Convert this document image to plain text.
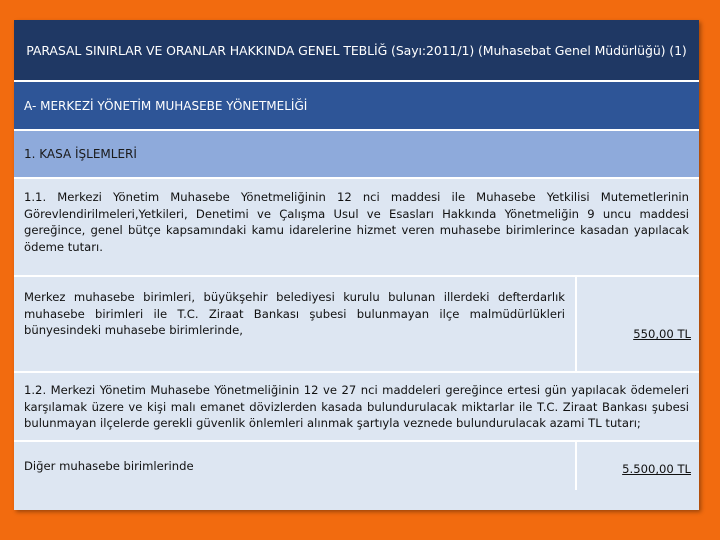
PARASAL SINIRLAR VE ORANLAR HAKKINDA GENEL TEBLİĞ (Sayı:2011/1) (Muhasebat Genel Müdürlüğü) (1)
A- MERKEZİ YÖNETİM MUHASEBE YÖNETMELİĞİ
1. KASA İŞLEMLERİ
1.1. Merkezi Yönetim Muhasebe Yönetmeliğinin 12 nci maddesi ile Muhasebe Yetkilisi Mutemetlerinin Görevlendirilmeleri,Yetkileri, Denetimi ve Çalışma Usul ve Esasları Hakkında Yönetmeliğin 9 uncu maddesi gereğince, genel bütçe kapsamındaki kamu idarelerine hizmet veren muhasebe birimlerince kasadan yapılacak ödeme tutarı.
Merkez muhasebe birimleri, büyükşehir belediyesi kurulu bulunan illerdeki defterdarlık muhasebe birimleri ile T.C. Ziraat Bankası şubesi bulunmayan ilçe malmüdürlükleri bünyesindeki muhasebe birimlerinde,	550,00 TL
1.2. Merkezi Yönetim Muhasebe Yönetmeliğinin 12 ve 27 nci maddeleri gereğince ertesi gün yapılacak ödemeleri karşılamak üzere ve kişi malı emanet dövizlerden kasada bulundurulacak miktarlar ile T.C. Ziraat Bankası şubesi bulunmayan ilçelerde gerekli güvenlik önlemleri alınmak şartıyla veznede bulundurulacak azami TL tutarı;
Diğer muhasebe birimlerinde	5.500,00 TL
